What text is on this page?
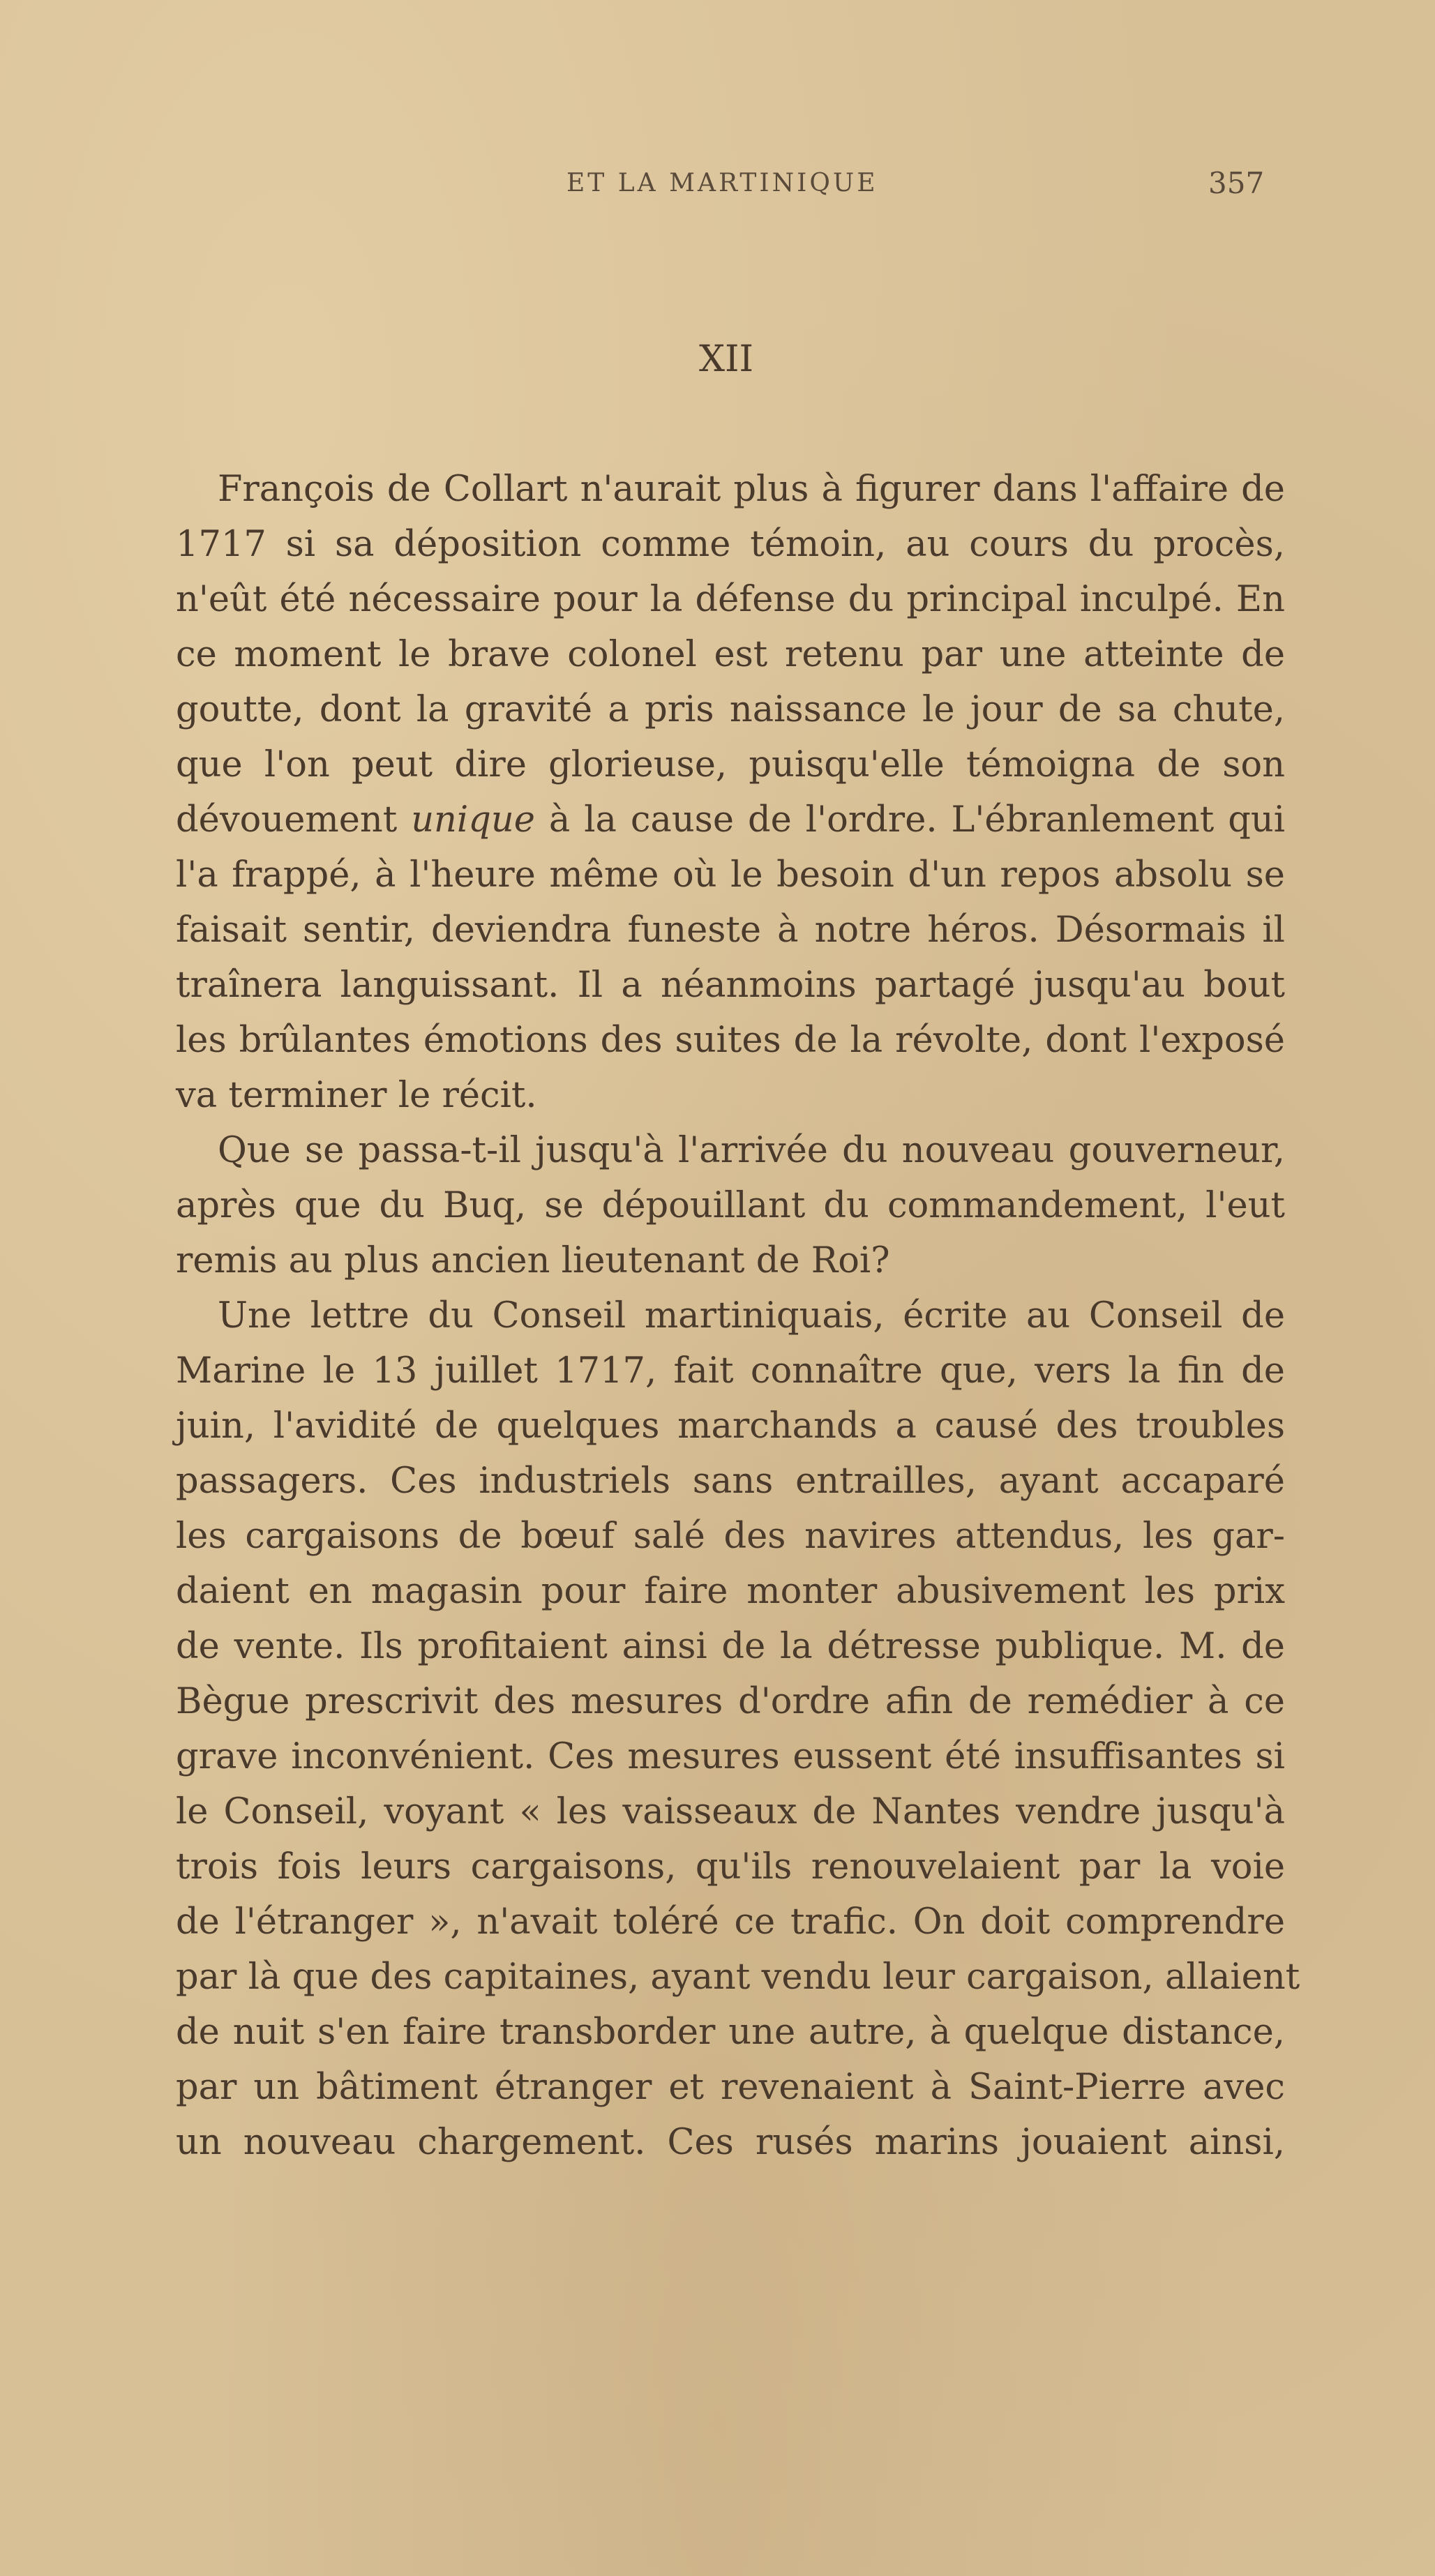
ET LA MARTINIQUE	357
XII
François de Collart n'aurait plus à figurer dans l'affaire de
1717 si sa déposition comme témoin, au cours du procès,
n'eût été nécessaire pour la défense du principal inculpé. En
ce moment le brave colonel est retenu par une atteinte de
goutte, dont la gravité a pris naissance le jour de sa chute,
que l'on peut dire glorieuse, puisqu'elle témoigna de son
dévouement unique à la cause de l'ordre. L'ébranlement qui
l'a frappé, à l'heure même où le besoin d'un repos absolu se
faisait sentir, deviendra funeste à notre héros. Désormais il
traînera languissant. Il a néanmoins partagé jusqu'au bout
les brûlantes émotions des suites de la révolte, dont l'exposé
va terminer le récit.
Que se passa-t-il jusqu'à l'arrivée du nouveau gouverneur,
après que du Buq, se dépouillant du commandement, l'eut
remis au plus ancien lieutenant de Roi?
Une lettre du Conseil martiniquais, écrite au Conseil de
Marine le 13 juillet 1717, fait connaître que, vers la fin de
juin, l'avidité de quelques marchands a causé des troubles
passagers. Ces industriels sans entrailles, ayant accaparé
les cargaisons de bœuf salé des navires attendus, les gar-
daient en magasin pour faire monter abusivement les prix
de vente. Ils profitaient ainsi de la détresse publique. M. de
Bègue prescrivit des mesures d'ordre afin de remédier à ce
grave inconvénient. Ces mesures eussent été insuffisantes si
le Conseil, voyant « les vaisseaux de Nantes vendre jusqu'à
trois fois leurs cargaisons, qu'ils renouvelaient par la voie
de l'étranger », n'avait toléré ce trafic. On doit comprendre
par là que des capitaines, ayant vendu leur cargaison, allaient
de nuit s'en faire transborder une autre, à quelque distance,
par un bâtiment étranger et revenaient à Saint-Pierre avec
un nouveau chargement. Ces rusés marins jouaient ainsi,
